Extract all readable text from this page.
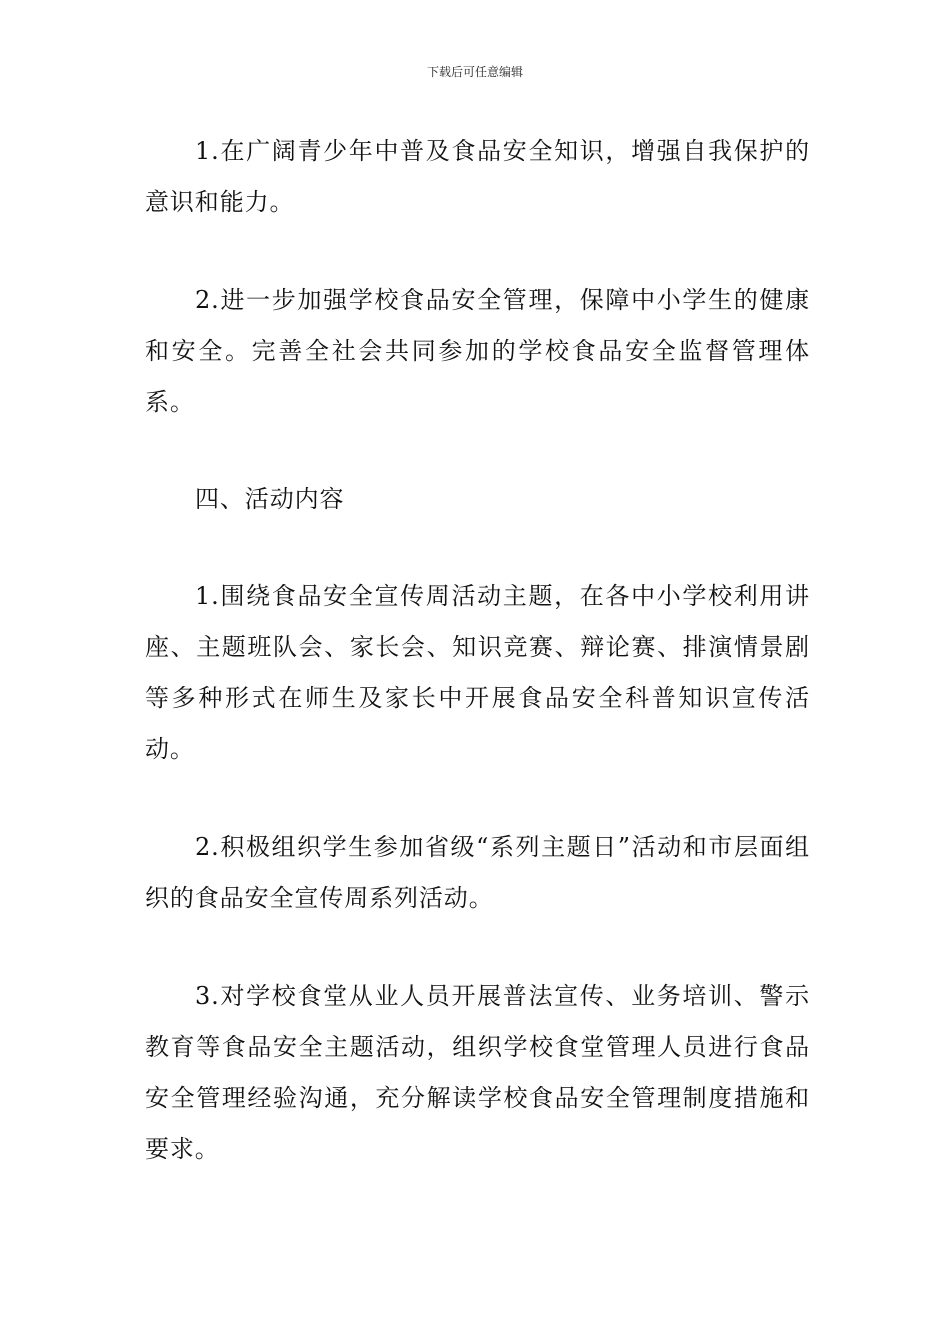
下载后可任意编辑

1.在广阔青少年中普及食品安全知识，增强自我保护的意识和能力。

2.进一步加强学校食品安全管理，保障中小学生的健康和安全。完善全社会共同参加的学校食品安全监督管理体系。

四、活动内容

1.围绕食品安全宣传周活动主题，在各中小学校利用讲座、主题班队会、家长会、知识竞赛、辩论赛、排演情景剧等多种形式在师生及家长中开展食品安全科普知识宣传活动。

2.积极组织学生参加省级“系列主题日”活动和市层面组织的食品安全宣传周系列活动。

3.对学校食堂从业人员开展普法宣传、业务培训、警示教育等食品安全主题活动，组织学校食堂管理人员进行食品安全管理经验沟通，充分解读学校食品安全管理制度措施和要求。
